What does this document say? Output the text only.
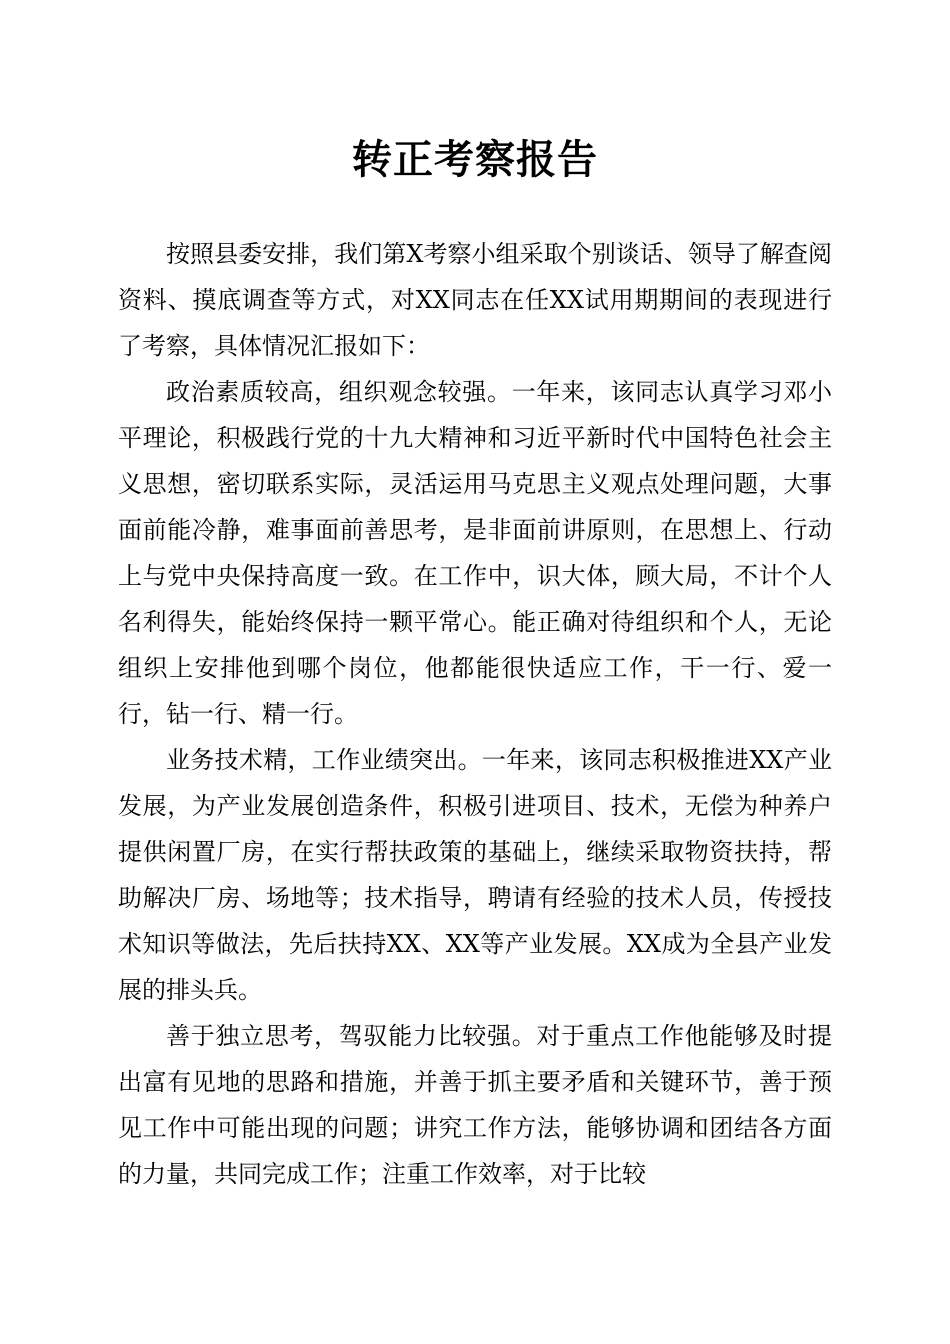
转正考察报告

按照县委安排，我们第X考察小组采取个别谈话、领导了解查阅资料、摸底调查等方式，对XX同志在任XX试用期期间的表现进行了考察，具体情况汇报如下：

政治素质较高，组织观念较强。一年来，该同志认真学习邓小平理论，积极践行党的十九大精神和习近平新时代中国特色社会主义思想，密切联系实际，灵活运用马克思主义观点处理问题，大事面前能冷静，难事面前善思考，是非面前讲原则，在思想上、行动上与党中央保持高度一致。在工作中，识大体，顾大局，不计个人名利得失，能始终保持一颗平常心。能正确对待组织和个人，无论组织上安排他到哪个岗位，他都能很快适应工作，干一行、爱一行，钻一行、精一行。

业务技术精，工作业绩突出。一年来，该同志积极推进XX产业发展，为产业发展创造条件，积极引进项目、技术，无偿为种养户提供闲置厂房，在实行帮扶政策的基础上，继续采取物资扶持，帮助解决厂房、场地等；技术指导，聘请有经验的技术人员，传授技术知识等做法，先后扶持XX、XX等产业发展。XX成为全县产业发展的排头兵。

善于独立思考，驾驭能力比较强。对于重点工作他能够及时提出富有见地的思路和措施，并善于抓主要矛盾和关键环节，善于预见工作中可能出现的问题；讲究工作方法，能够协调和团结各方面的力量，共同完成工作；注重工作效率，对于比较
